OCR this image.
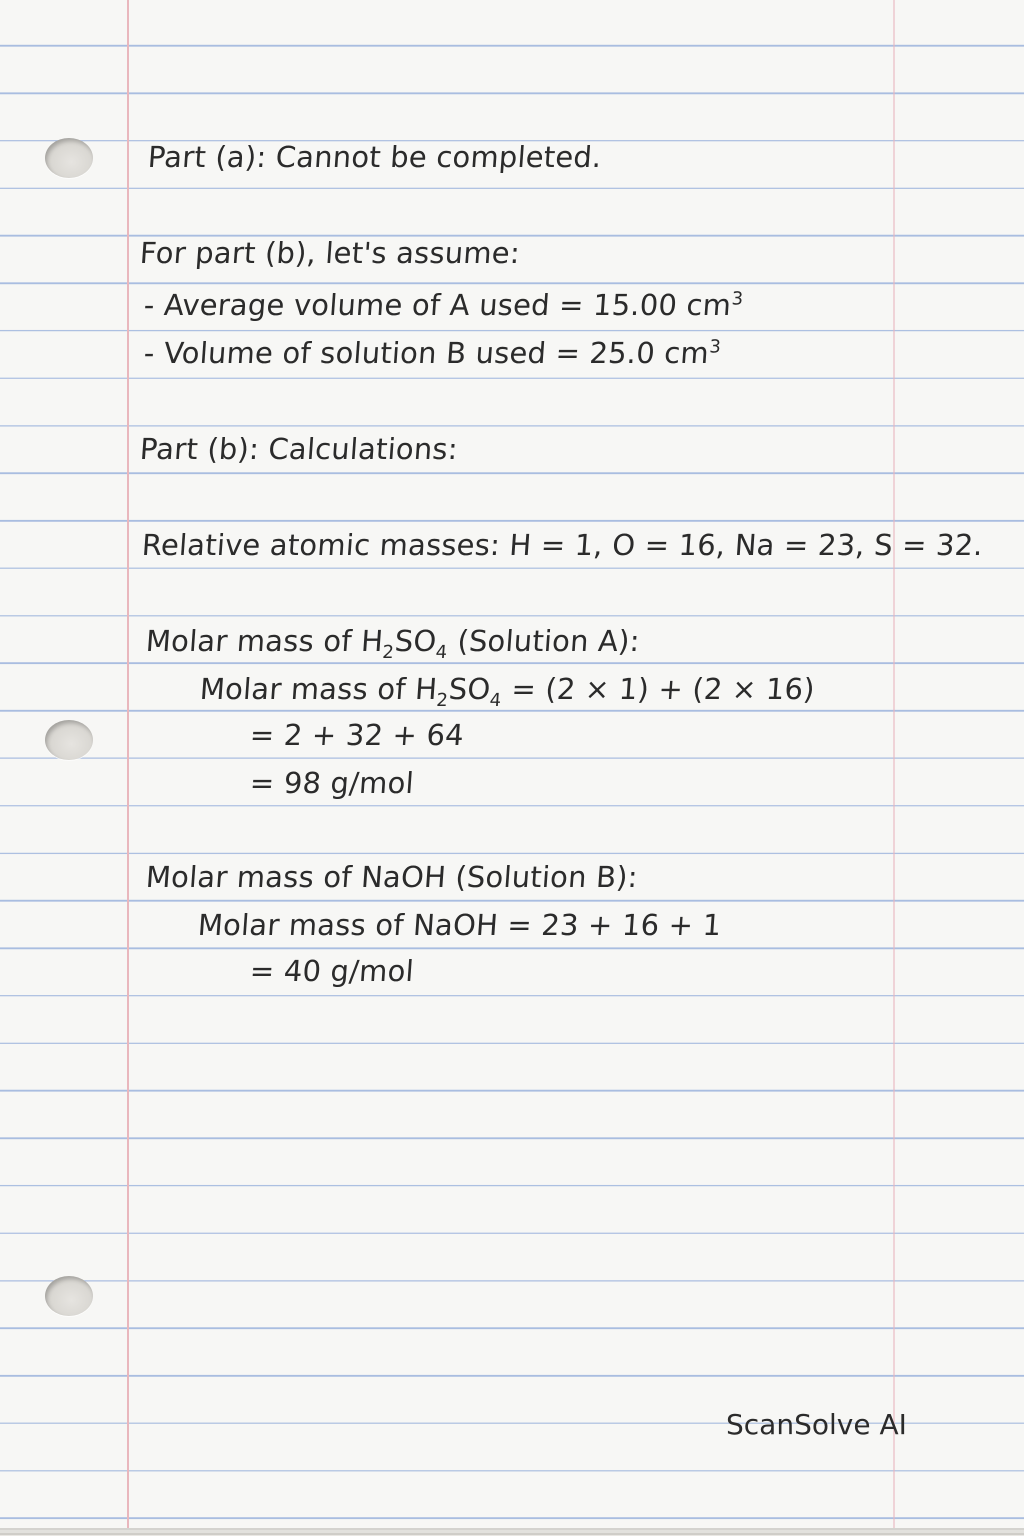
Part (a): Cannot be completed.
For part (b), let's assume:
- Average volume of A used = 15.00 $cm^3$
- Volume of solution B used = 25.0 $cm^3$
Part (b): Calculations:
Relative atomic masses: H = 1, O = 16, Na = 23, S = 32.
Molar mass of $H_2SO_4$ (Solution A):
Molar mass of $H_2SO_4 = (2 \times 1) + (2 \times 16)$
= 2 + 32 + 64
= 98 g/mol
Molar mass of NaOH (Solution B):
Molar mass of NaOH = 23 + 16 + 1
= 40 g/mol
ScanSolve AI
